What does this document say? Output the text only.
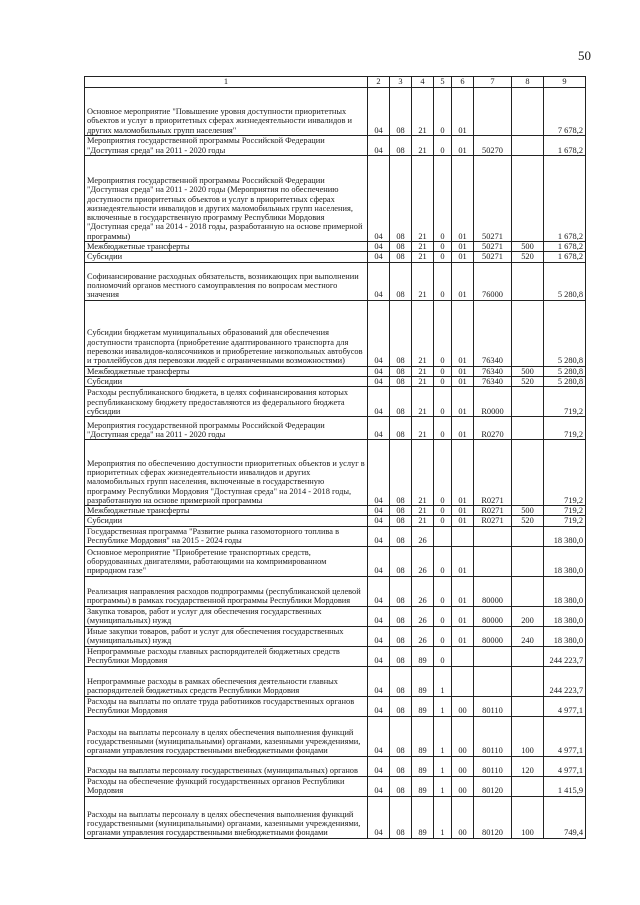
50
1	2	3	4	5	6	7	8	9
Основное мероприятие "Повышение уровня доступности приоритетных объектов и услуг в приоритетных сферах жизнедеятельности инвалидов и других маломобильных групп населения"	04	08	21	0	01			7 678,2
Мероприятия государственной программы Российской Федерации "Доступная среда" на 2011 - 2020 годы	04	08	21	0	01	50270		1 678,2
Мероприятия государственной программы Российской Федерации "Доступная среда" на 2011 - 2020 годы (Мероприятия по обеспечению доступности приоритетных объектов и услуг в приоритетных сферах жизнедеятельности инвалидов и других маломобильных групп населения, включенные в государственную программу Республики Мордовия "Доступная среда" на 2014 - 2018 годы, разработанную на основе примерной программы)	04	08	21	0	01	50271		1 678,2
Межбюджетные трансферты	04	08	21	0	01	50271	500	1 678,2
Субсидии	04	08	21	0	01	50271	520	1 678,2
Софинансирование расходных обязательств, возникающих при выполнении полномочий органов местного самоуправления по вопросам местного значения	04	08	21	0	01	76000		5 280,8
Субсидии бюджетам муниципальных образований для обеспечения доступности транспорта (приобретение адаптированного транспорта для перевозки инвалидов-колясочников и приобретение низкопольных автобусов и троллейбусов для перевозки людей с ограниченными возможностями)	04	08	21	0	01	76340		5 280,8
Межбюджетные трансферты	04	08	21	0	01	76340	500	5 280,8
Субсидии	04	08	21	0	01	76340	520	5 280,8
Расходы республиканского бюджета, в целях софинансирования которых республиканскому бюджету предоставляются из федерального бюджета субсидии	04	08	21	0	01	R0000		719,2
Мероприятия государственной программы Российской Федерации "Доступная среда" на 2011 - 2020 годы	04	08	21	0	01	R0270		719,2
Мероприятия по обеспечению доступности приоритетных объектов и услуг в приоритетных сферах жизнедеятельности инвалидов и других маломобильных групп населения, включенные в государственную программу Республики Мордовия "Доступная среда" на 2014 - 2018 годы, разработанную на основе примерной программы	04	08	21	0	01	R0271		719,2
Межбюджетные трансферты	04	08	21	0	01	R0271	500	719,2
Субсидии	04	08	21	0	01	R0271	520	719,2
Государственная программа "Развитие рынка газомоторного топлива в Республике Мордовия" на 2015 - 2024 годы	04	08	26					18 380,0
Основное мероприятие "Приобретение транспортных средств, оборудованных двигателями, работающими на компримированном природном газе"	04	08	26	0	01			18 380,0
Реализация направления расходов подпрограммы (республиканской целевой программы) в рамках государственной программы Республики Мордовия	04	08	26	0	01	80000		18 380,0
Закупка товаров, работ и услуг для обеспечения государственных (муниципальных) нужд	04	08	26	0	01	80000	200	18 380,0
Иные закупки товаров, работ и услуг для обеспечения государственных (муниципальных) нужд	04	08	26	0	01	80000	240	18 380,0
Непрограммные расходы главных распорядителей бюджетных средств Республики Мордовия	04	08	89	0				244 223,7
Непрограммные расходы в рамках обеспечения деятельности главных распорядителей бюджетных средств Республики Мордовия	04	08	89	1				244 223,7
Расходы на выплаты по оплате труда работников государственных органов Республики Мордовия	04	08	89	1	00	80110		4 977,1
Расходы на выплаты персоналу в целях обеспечения выполнения функций государственными (муниципальными) органами, казенными учреждениями, органами управления государственными внебюджетными фондами	04	08	89	1	00	80110	100	4 977,1
Расходы на выплаты персоналу государственных (муниципальных) органов	04	08	89	1	00	80110	120	4 977,1
Расходы на обеспечение функций государственных органов Республики Мордовия	04	08	89	1	00	80120		1 415,9
Расходы на выплаты персоналу в целях обеспечения выполнения функций государственными (муниципальными) органами, казенными учреждениями, органами управления государственными внебюджетными фондами	04	08	89	1	00	80120	100	749,4
